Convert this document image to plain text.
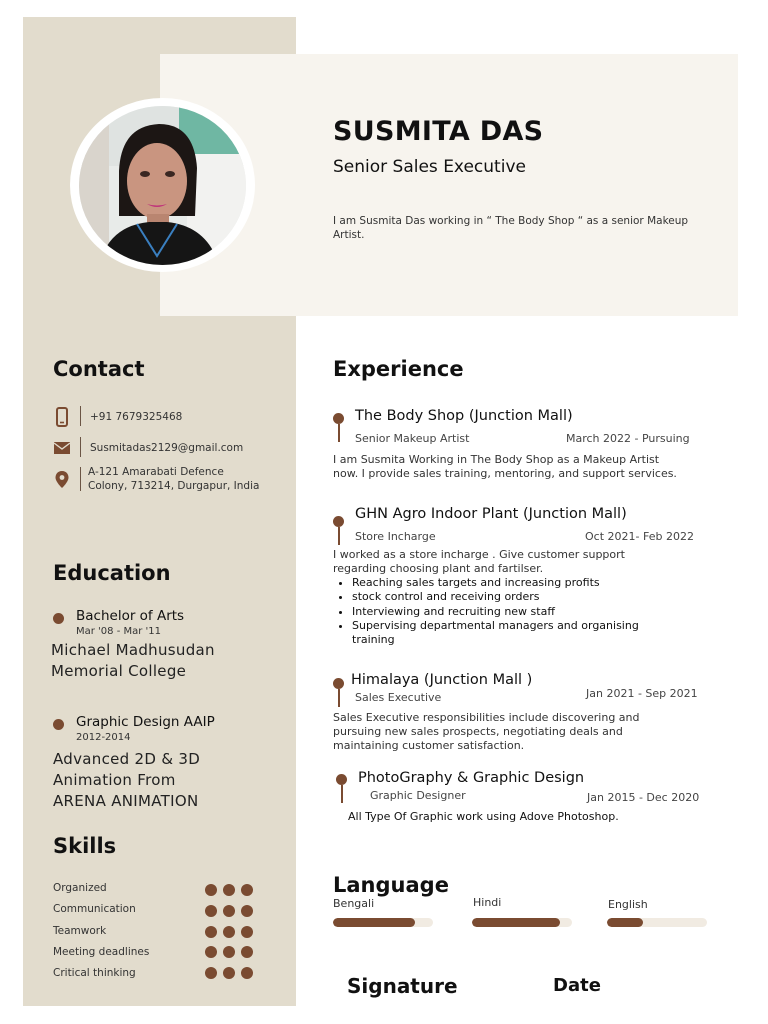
SUSMITA DAS
Senior Sales Executive
I am Susmita Das working in “ The Body Shop “ as a senior Makeup Artist.
Contact
+91 7679325468
Susmitadas2129@gmail.com
A-121 Amarabati Defence
Colony, 713214, Durgapur, India
Education
Bachelor of Arts
Mar '08 - Mar '11
Michael Madhusudan
Memorial College
Graphic Design AAIP
2012-2014
Advanced 2D & 3D
Animation From
ARENA ANIMATION
Skills
Organized
Communication
Teamwork
Meeting deadlines
Critical thinking
Experience
The Body Shop (Junction Mall)
Senior Makeup Artist	March 2022 - Pursuing
I am Susmita Working in The Body Shop as a Makeup Artist
now. I provide sales training, mentoring, and support services.
GHN Agro Indoor Plant (Junction Mall)
Store Incharge	Oct 2021- Feb 2022
I worked as a store incharge . Give customer support
regarding choosing plant and fartilser.
• Reaching sales targets and increasing profits
• stock control and receiving orders
• Interviewing and recruiting new staff
• Supervising departmental managers and organising training
Himalaya (Junction Mall )
Sales Executive	Jan 2021 - Sep 2021
Sales Executive responsibilities include discovering and
pursuing new sales prospects, negotiating deals and
maintaining customer satisfaction.
PhotoGraphy & Graphic Design
Graphic Designer	Jan 2015 - Dec 2020
All Type Of Graphic work using Adove Photoshop.
Language
Bengali	Hindi	English
Signature	Date
